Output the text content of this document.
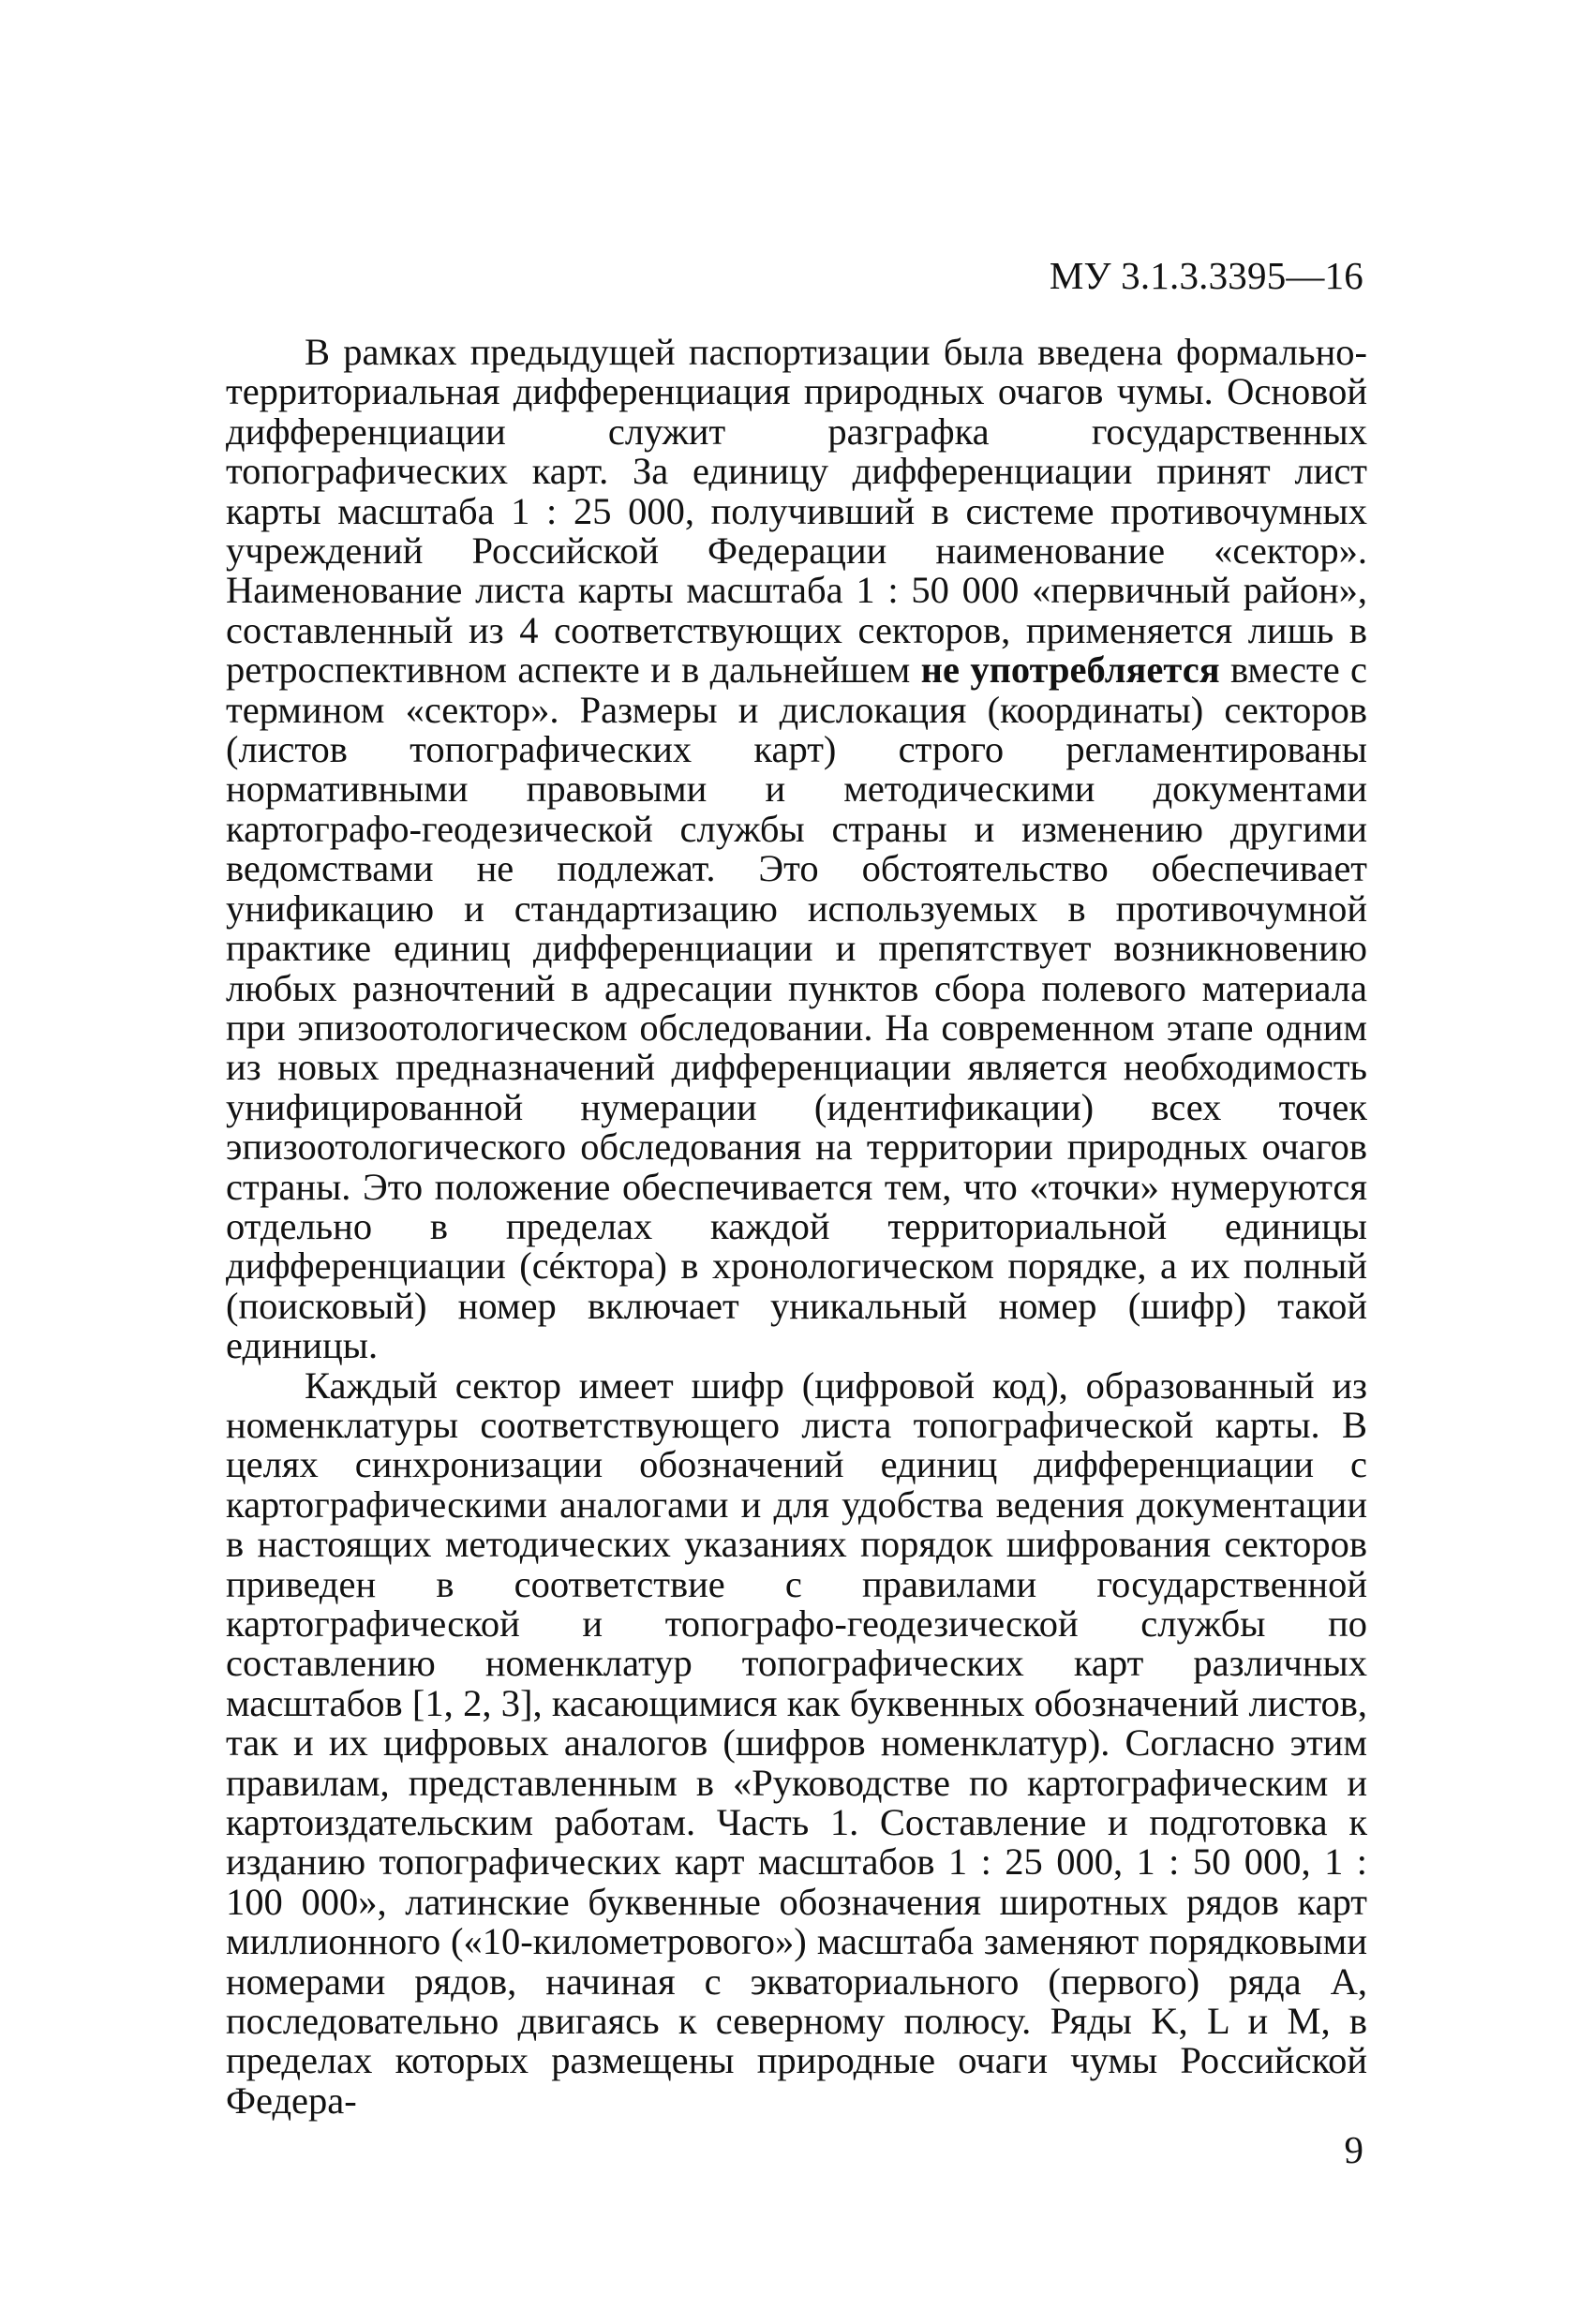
МУ 3.1.3.3395—16

В рамках предыдущей паспортизации была введена формально-территориальная дифференциация природных очагов чумы. Основой дифференциации служит разграфка государственных топографических карт. За единицу дифференциации принят лист карты масштаба 1 : 25 000, получивший в системе противочумных учреждений Российской Федерации наименование «сектор». Наименование листа карты масштаба 1 : 50 000 «первичный район», составленный из 4 соответствующих секторов, применяется лишь в ретроспективном аспекте и в дальнейшем не употребляется вместе с термином «сектор». Размеры и дислокация (координаты) секторов (листов топографических карт) строго регламентированы нормативными правовыми и методическими документами картографо-геодезической службы страны и изменению другими ведомствами не подлежат. Это обстоятельство обеспечивает унификацию и стандартизацию используемых в противочумной практике единиц дифференциации и препятствует возникновению любых разночтений в адресации пунктов сбора полевого материала при эпизоотологическом обследовании. На современном этапе одним из новых предназначений дифференциации является необходимость унифицированной нумерации (идентификации) всех точек эпизоотологического обследования на территории природных очагов страны. Это положение обеспечивается тем, что «точки» нумеруются отдельно в пределах каждой территориальной единицы дифференциации (сéктора) в хронологическом порядке, а их полный (поисковый) номер включает уникальный номер (шифр) такой единицы.

Каждый сектор имеет шифр (цифровой код), образованный из номенклатуры соответствующего листа топографической карты. В целях синхронизации обозначений единиц дифференциации с картографическими аналогами и для удобства ведения документации в настоящих методических указаниях порядок шифрования секторов приведен в соответствие с правилами государственной картографической и топографо-геодезической службы по составлению номенклатур топографических карт различных масштабов [1, 2, 3], касающимися как буквенных обозначений листов, так и их цифровых аналогов (шифров номенклатур). Согласно этим правилам, представленным в «Руководстве по картографическим и картоиздательским работам. Часть 1. Составление и подготовка к изданию топографических карт масштабов 1 : 25 000, 1 : 50 000, 1 : 100 000», латинские буквенные обозначения широтных рядов карт миллионного («10-километрового») масштаба заменяют порядковыми номерами рядов, начиная с экваториального (первого) ряда А, последовательно двигаясь к северному полюсу. Ряды K, L и M, в пределах которых размещены природные очаги чумы Российской Федера-

9
